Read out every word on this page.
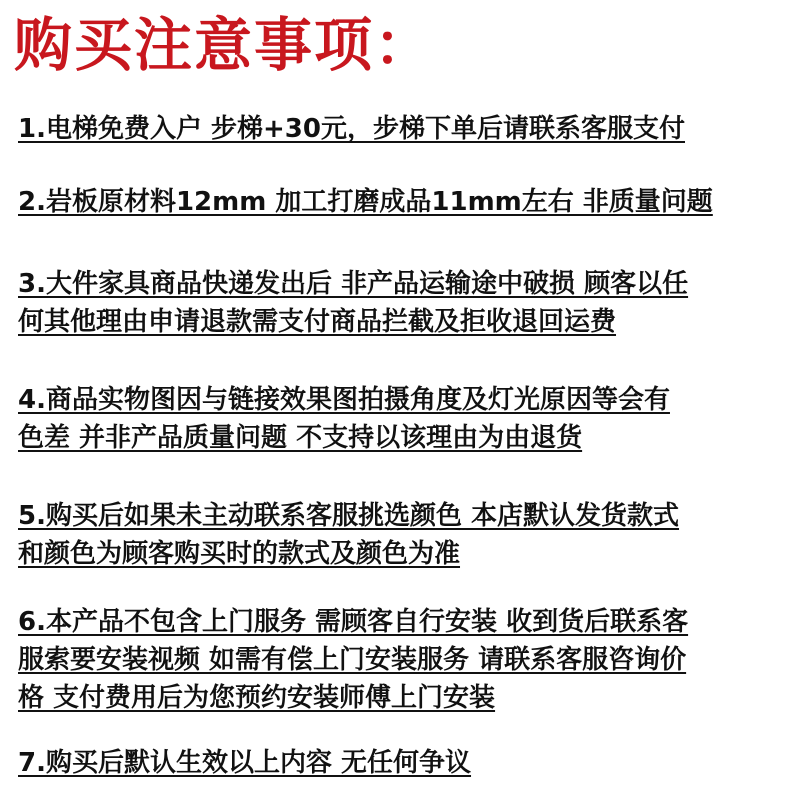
购买注意事项：
1.电梯免费入户 步梯+30元，步梯下单后请联系客服支付
2.岩板原材料12mm 加工打磨成品11mm左右 非质量问题
3.大件家具商品快递发出后 非产品运输途中破损 顾客以任
何其他理由申请退款需支付商品拦截及拒收退回运费
4.商品实物图因与链接效果图拍摄角度及灯光原因等会有
色差 并非产品质量问题 不支持以该理由为由退货
5.购买后如果未主动联系客服挑选颜色 本店默认发货款式
和颜色为顾客购买时的款式及颜色为准
6.本产品不包含上门服务 需顾客自行安装 收到货后联系客
服索要安装视频 如需有偿上门安装服务 请联系客服咨询价
格 支付费用后为您预约安装师傅上门安装
7.购买后默认生效以上内容 无任何争议
